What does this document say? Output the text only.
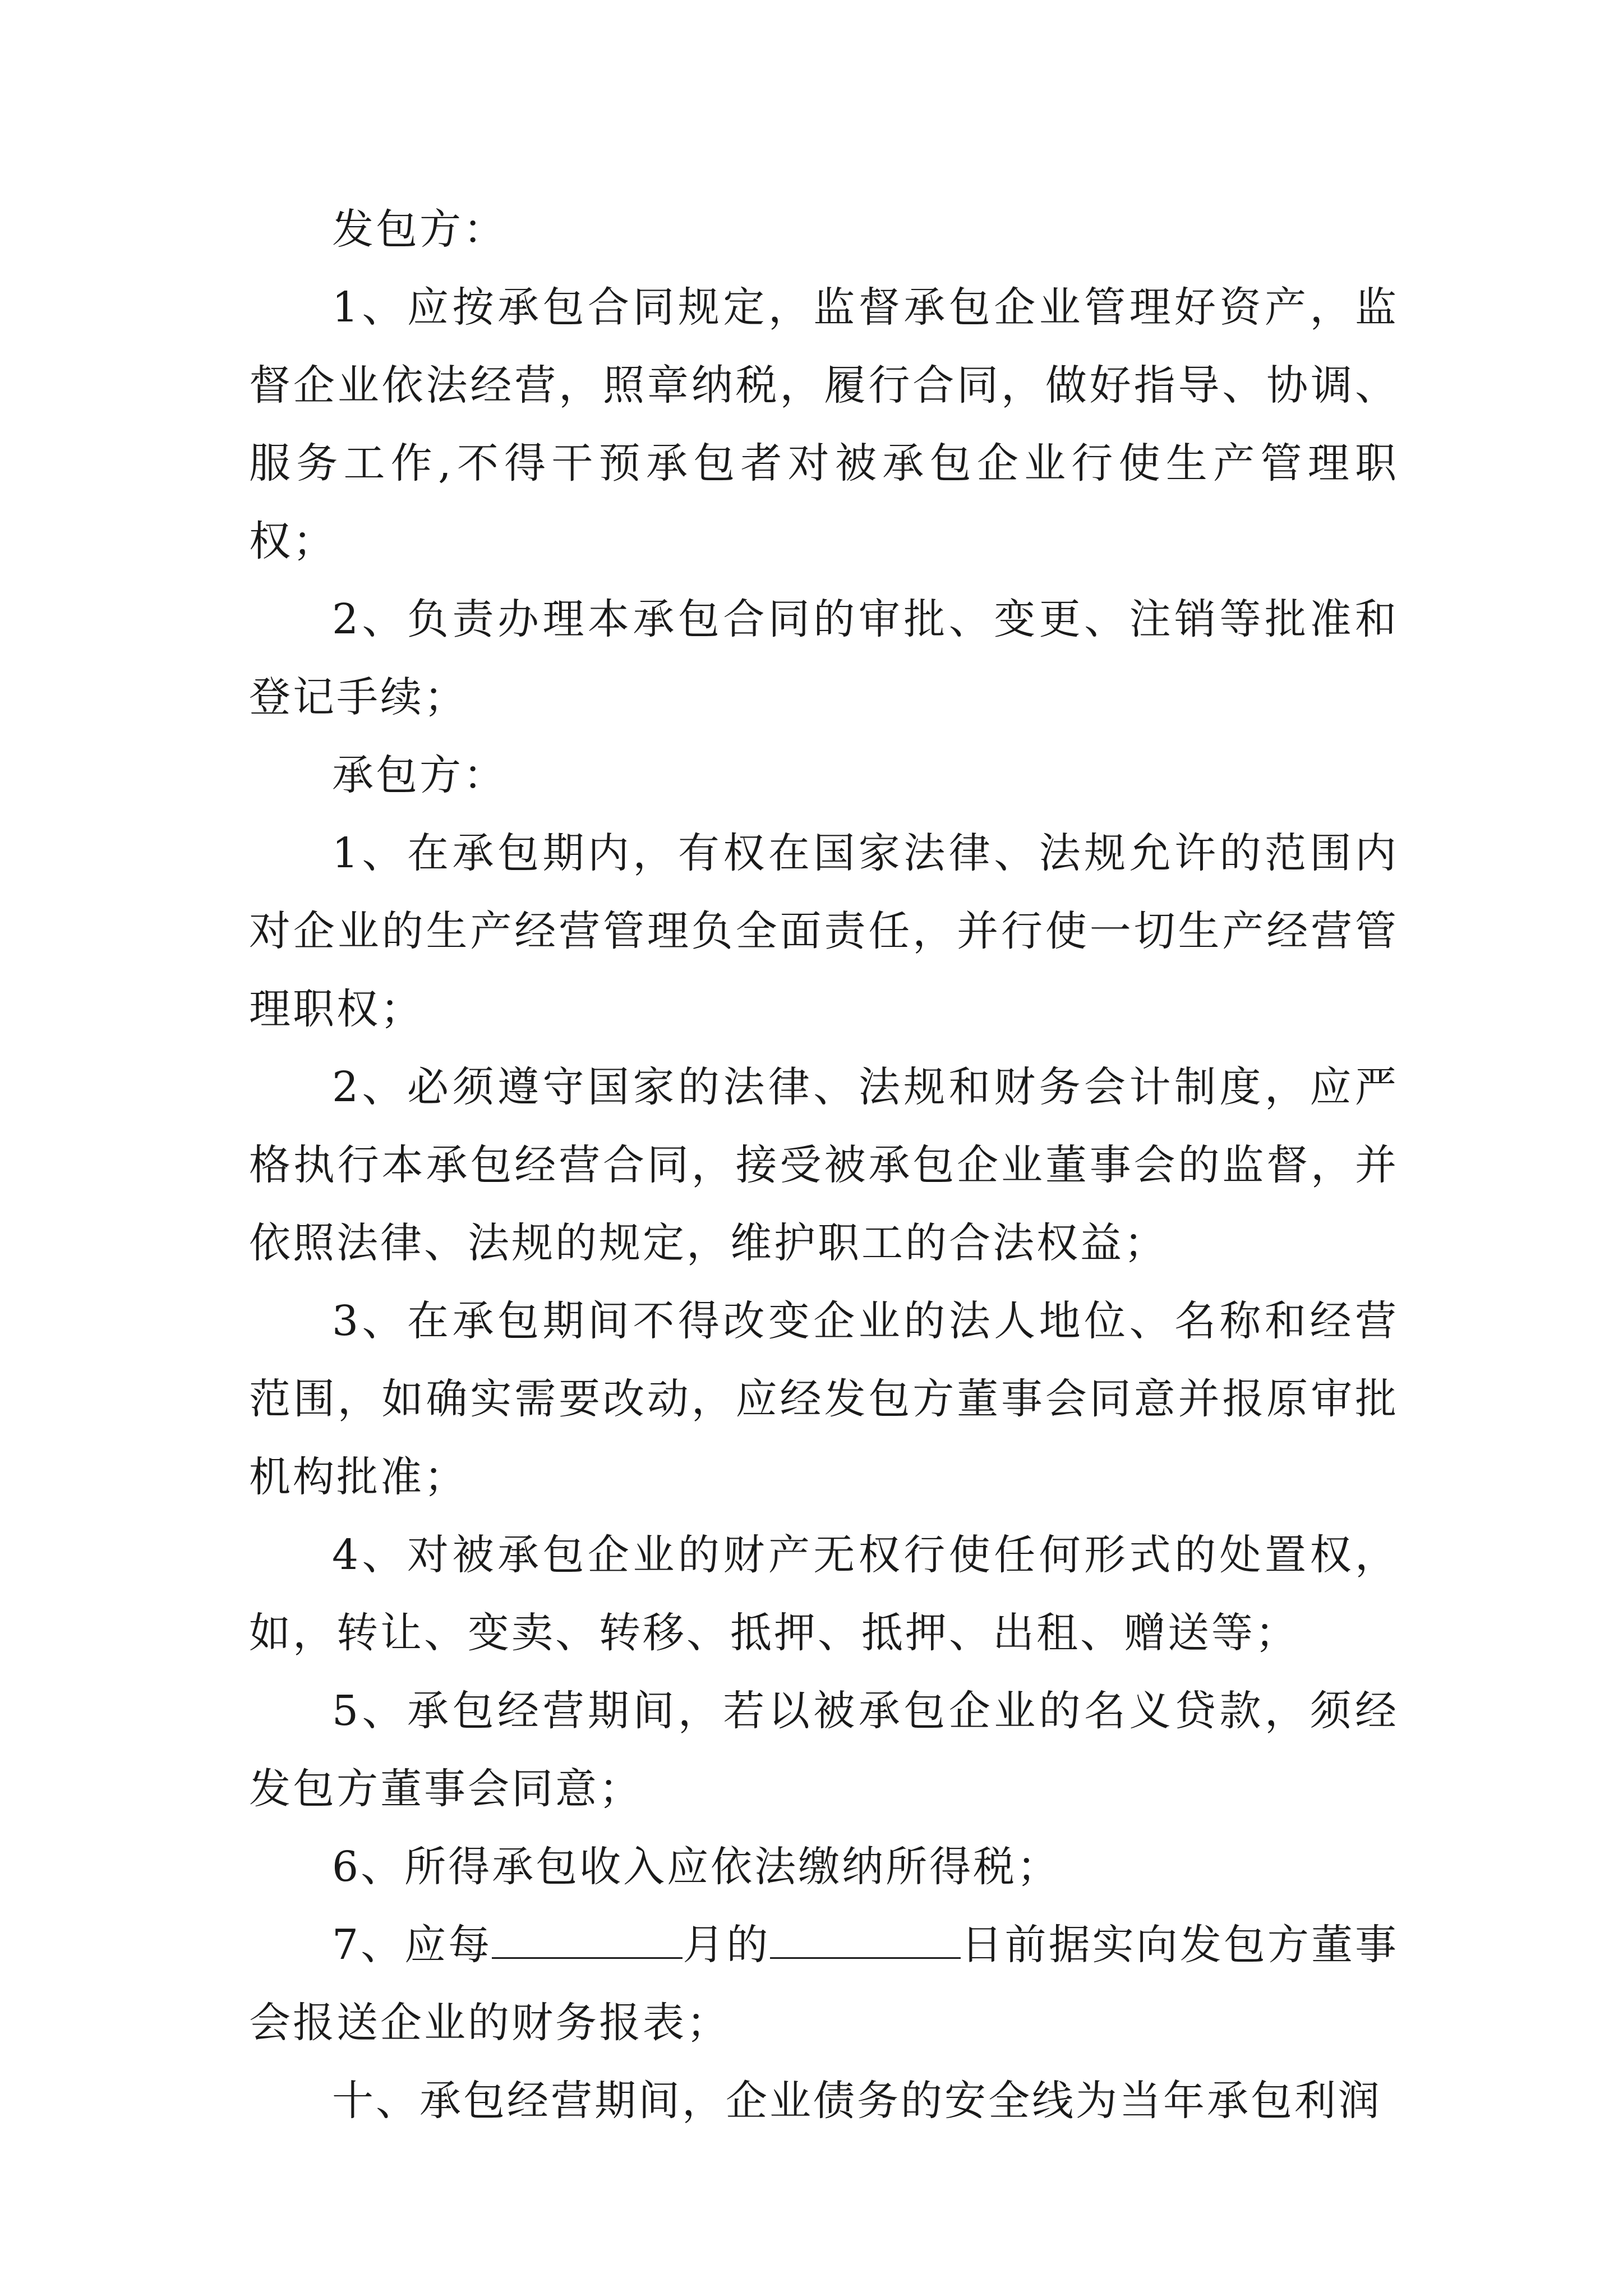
发包方：

1、应按承包合同规定，监督承包企业管理好资产，监督企业依法经营，照章纳税，履行合同，做好指导、协调、服务工作,不得干预承包者对被承包企业行使生产管理职权；

2、负责办理本承包合同的审批、变更、注销等批准和登记手续；

承包方：

1、在承包期内，有权在国家法律、法规允许的范围内对企业的生产经营管理负全面责任，并行使一切生产经营管理职权；

2、必须遵守国家的法律、法规和财务会计制度，应严格执行本承包经营合同，接受被承包企业董事会的监督，并依照法律、法规的规定，维护职工的合法权益；

3、在承包期间不得改变企业的法人地位、名称和经营范围，如确实需要改动，应经发包方董事会同意并报原审批机构批准；

4、对被承包企业的财产无权行使任何形式的处置权，如，转让、变卖、转移、抵押、抵押、出租、赠送等；

5、承包经营期间，若以被承包企业的名义贷款，须经发包方董事会同意；

6、所得承包收入应依法缴纳所得税；

7、应每	月的	日前据实向发包方董事会报送企业的财务报表；

十、承包经营期间，企业债务的安全线为当年承包利润
